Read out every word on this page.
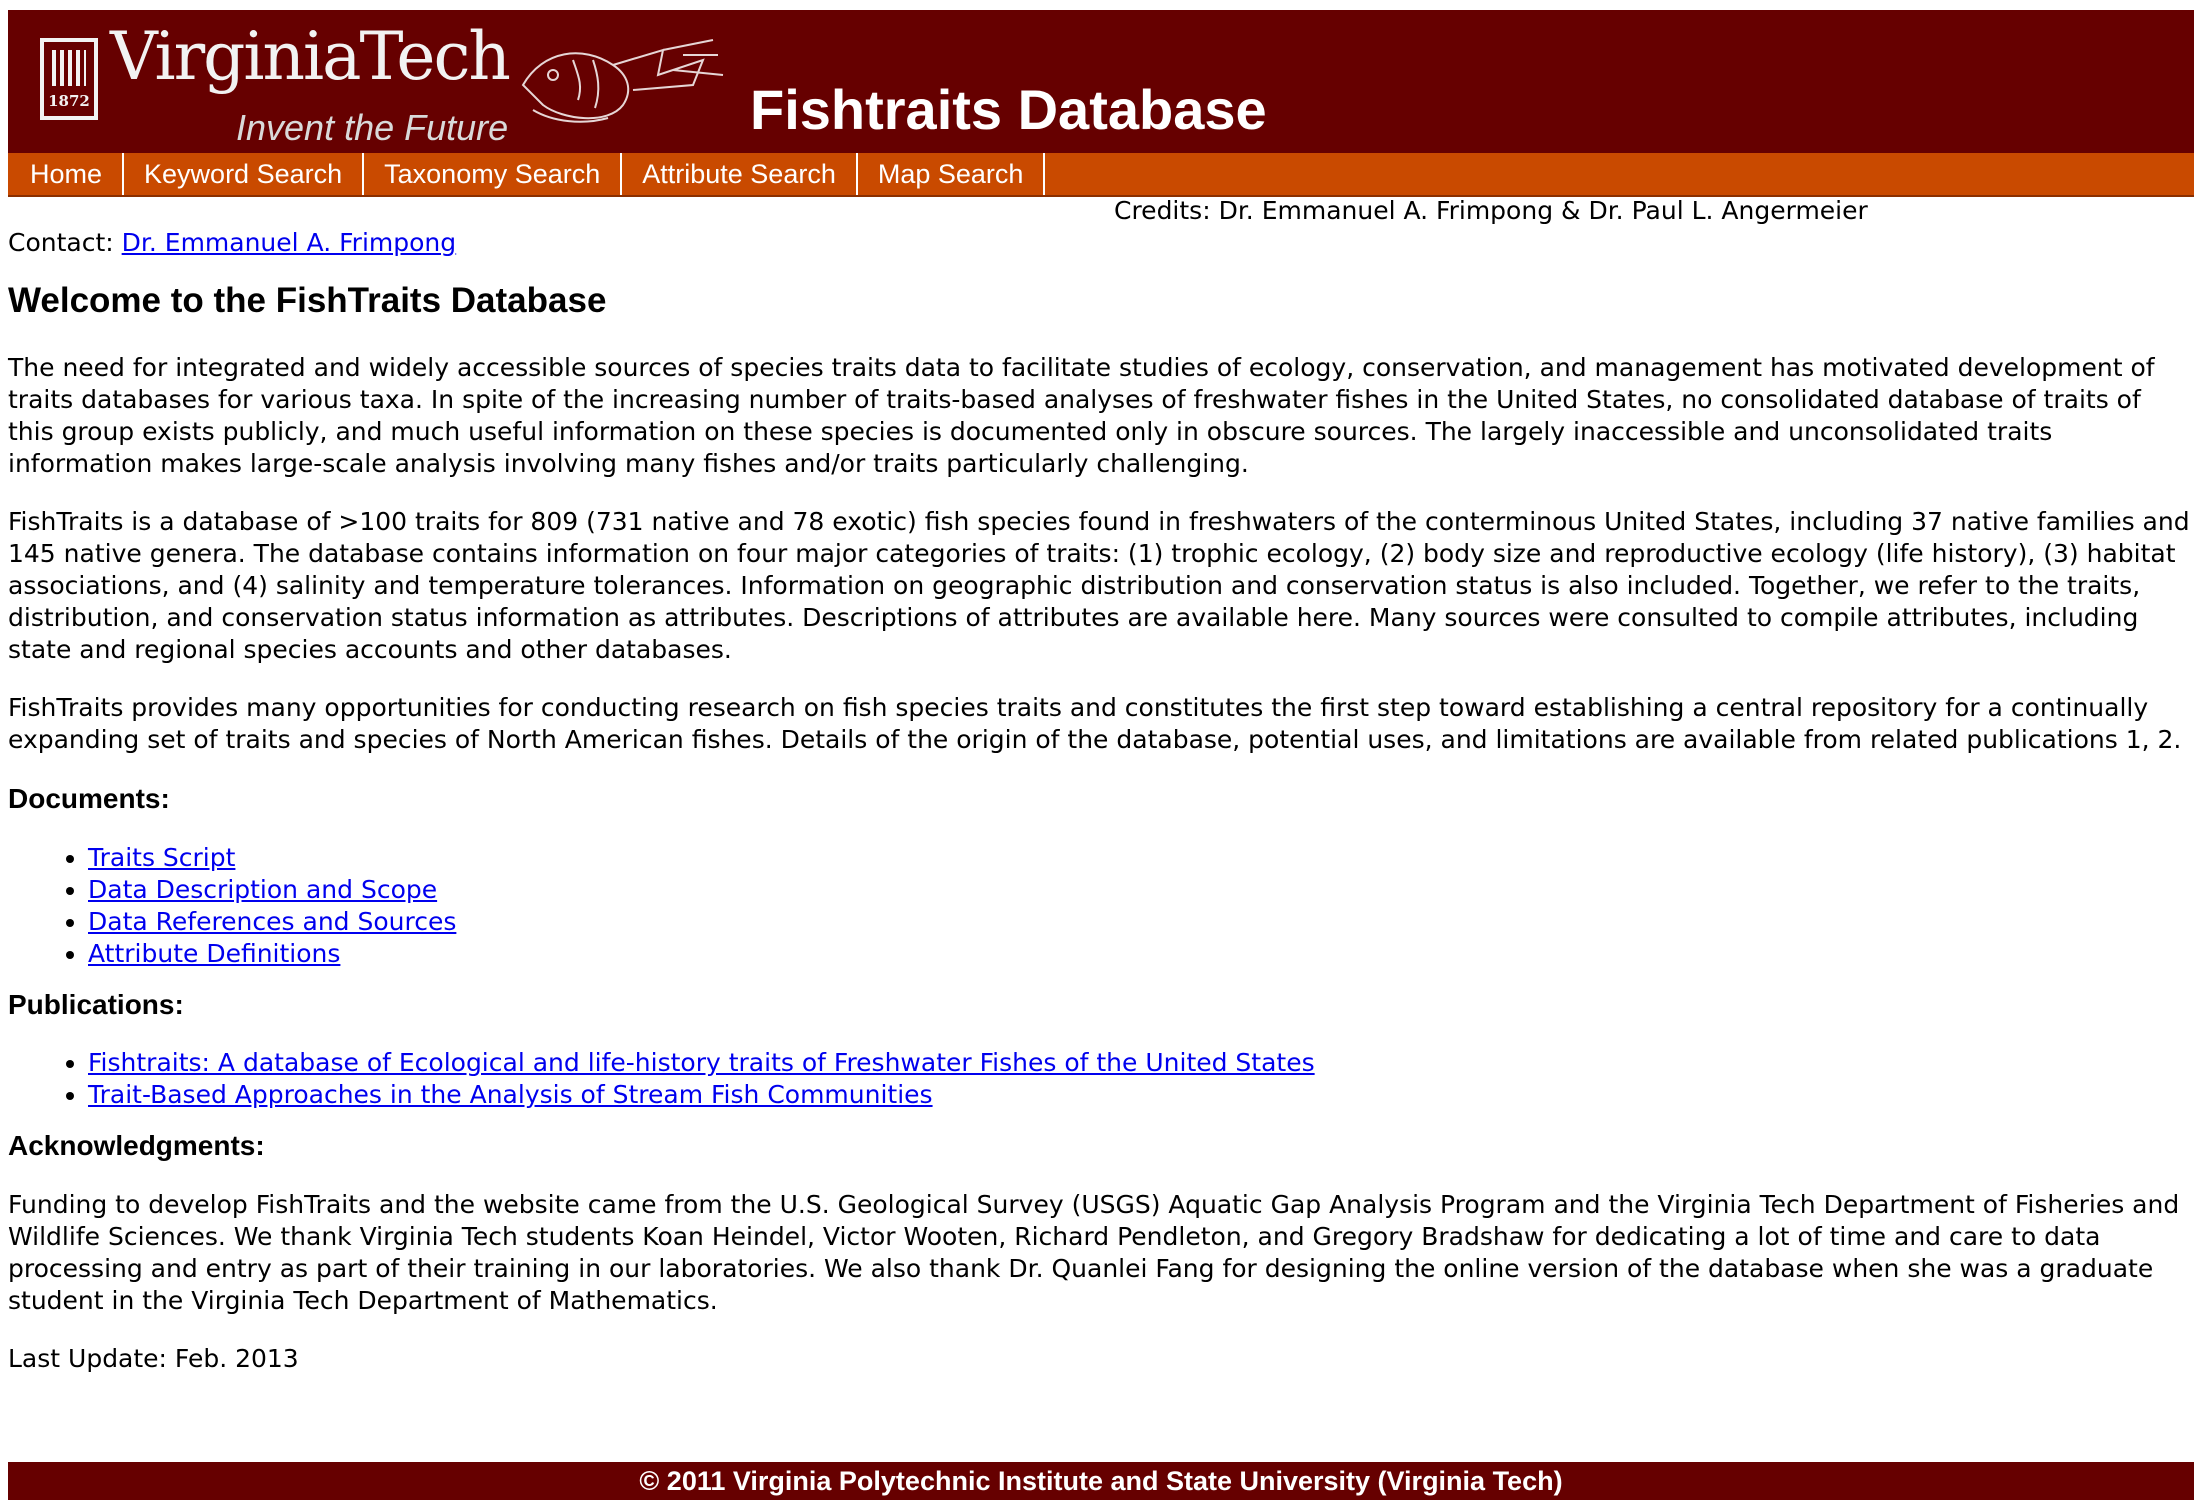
1872
VirginiaTech
Invent the Future	Fishtraits Database
Home	Keyword Search	Taxonomy Search	Attribute Search	Map Search
Credits: Dr. Emmanuel A. Frimpong & Dr. Paul L. Angermeier
Contact: Dr. Emmanuel A. Frimpong
Welcome to the FishTraits Database

The need for integrated and widely accessible sources of species traits data to facilitate studies of ecology, conservation, and management has motivated development of traits databases for various taxa. In spite of the increasing number of traits-based analyses of freshwater fishes in the United States, no consolidated database of traits of this group exists publicly, and much useful information on these species is documented only in obscure sources. The largely inaccessible and unconsolidated traits information makes large-scale analysis involving many fishes and/or traits particularly challenging.

FishTraits is a database of >100 traits for 809 (731 native and 78 exotic) fish species found in freshwaters of the conterminous United States, including 37 native families and 145 native genera. The database contains information on four major categories of traits: (1) trophic ecology, (2) body size and reproductive ecology (life history), (3) habitat associations, and (4) salinity and temperature tolerances. Information on geographic distribution and conservation status is also included. Together, we refer to the traits, distribution, and conservation status information as attributes. Descriptions of attributes are available here. Many sources were consulted to compile attributes, including state and regional species accounts and other databases.

FishTraits provides many opportunities for conducting research on fish species traits and constitutes the first step toward establishing a central repository for a continually expanding set of traits and species of North American fishes. Details of the origin of the database, potential uses, and limitations are available from related publications 1, 2.

Documents:
• Traits Script
• Data Description and Scope
• Data References and Sources
• Attribute Definitions
Publications:
• Fishtraits: A database of Ecological and life-history traits of Freshwater Fishes of the United States
• Trait-Based Approaches in the Analysis of Stream Fish Communities
Acknowledgments:

Funding to develop FishTraits and the website came from the U.S. Geological Survey (USGS) Aquatic Gap Analysis Program and the Virginia Tech Department of Fisheries and Wildlife Sciences. We thank Virginia Tech students Koan Heindel, Victor Wooten, Richard Pendleton, and Gregory Bradshaw for dedicating a lot of time and care to data processing and entry as part of their training in our laboratories. We also thank Dr. Quanlei Fang for designing the online version of the database when she was a graduate student in the Virginia Tech Department of Mathematics.

Last Update: Feb. 2013

© 2011 Virginia Polytechnic Institute and State University (Virginia Tech)
